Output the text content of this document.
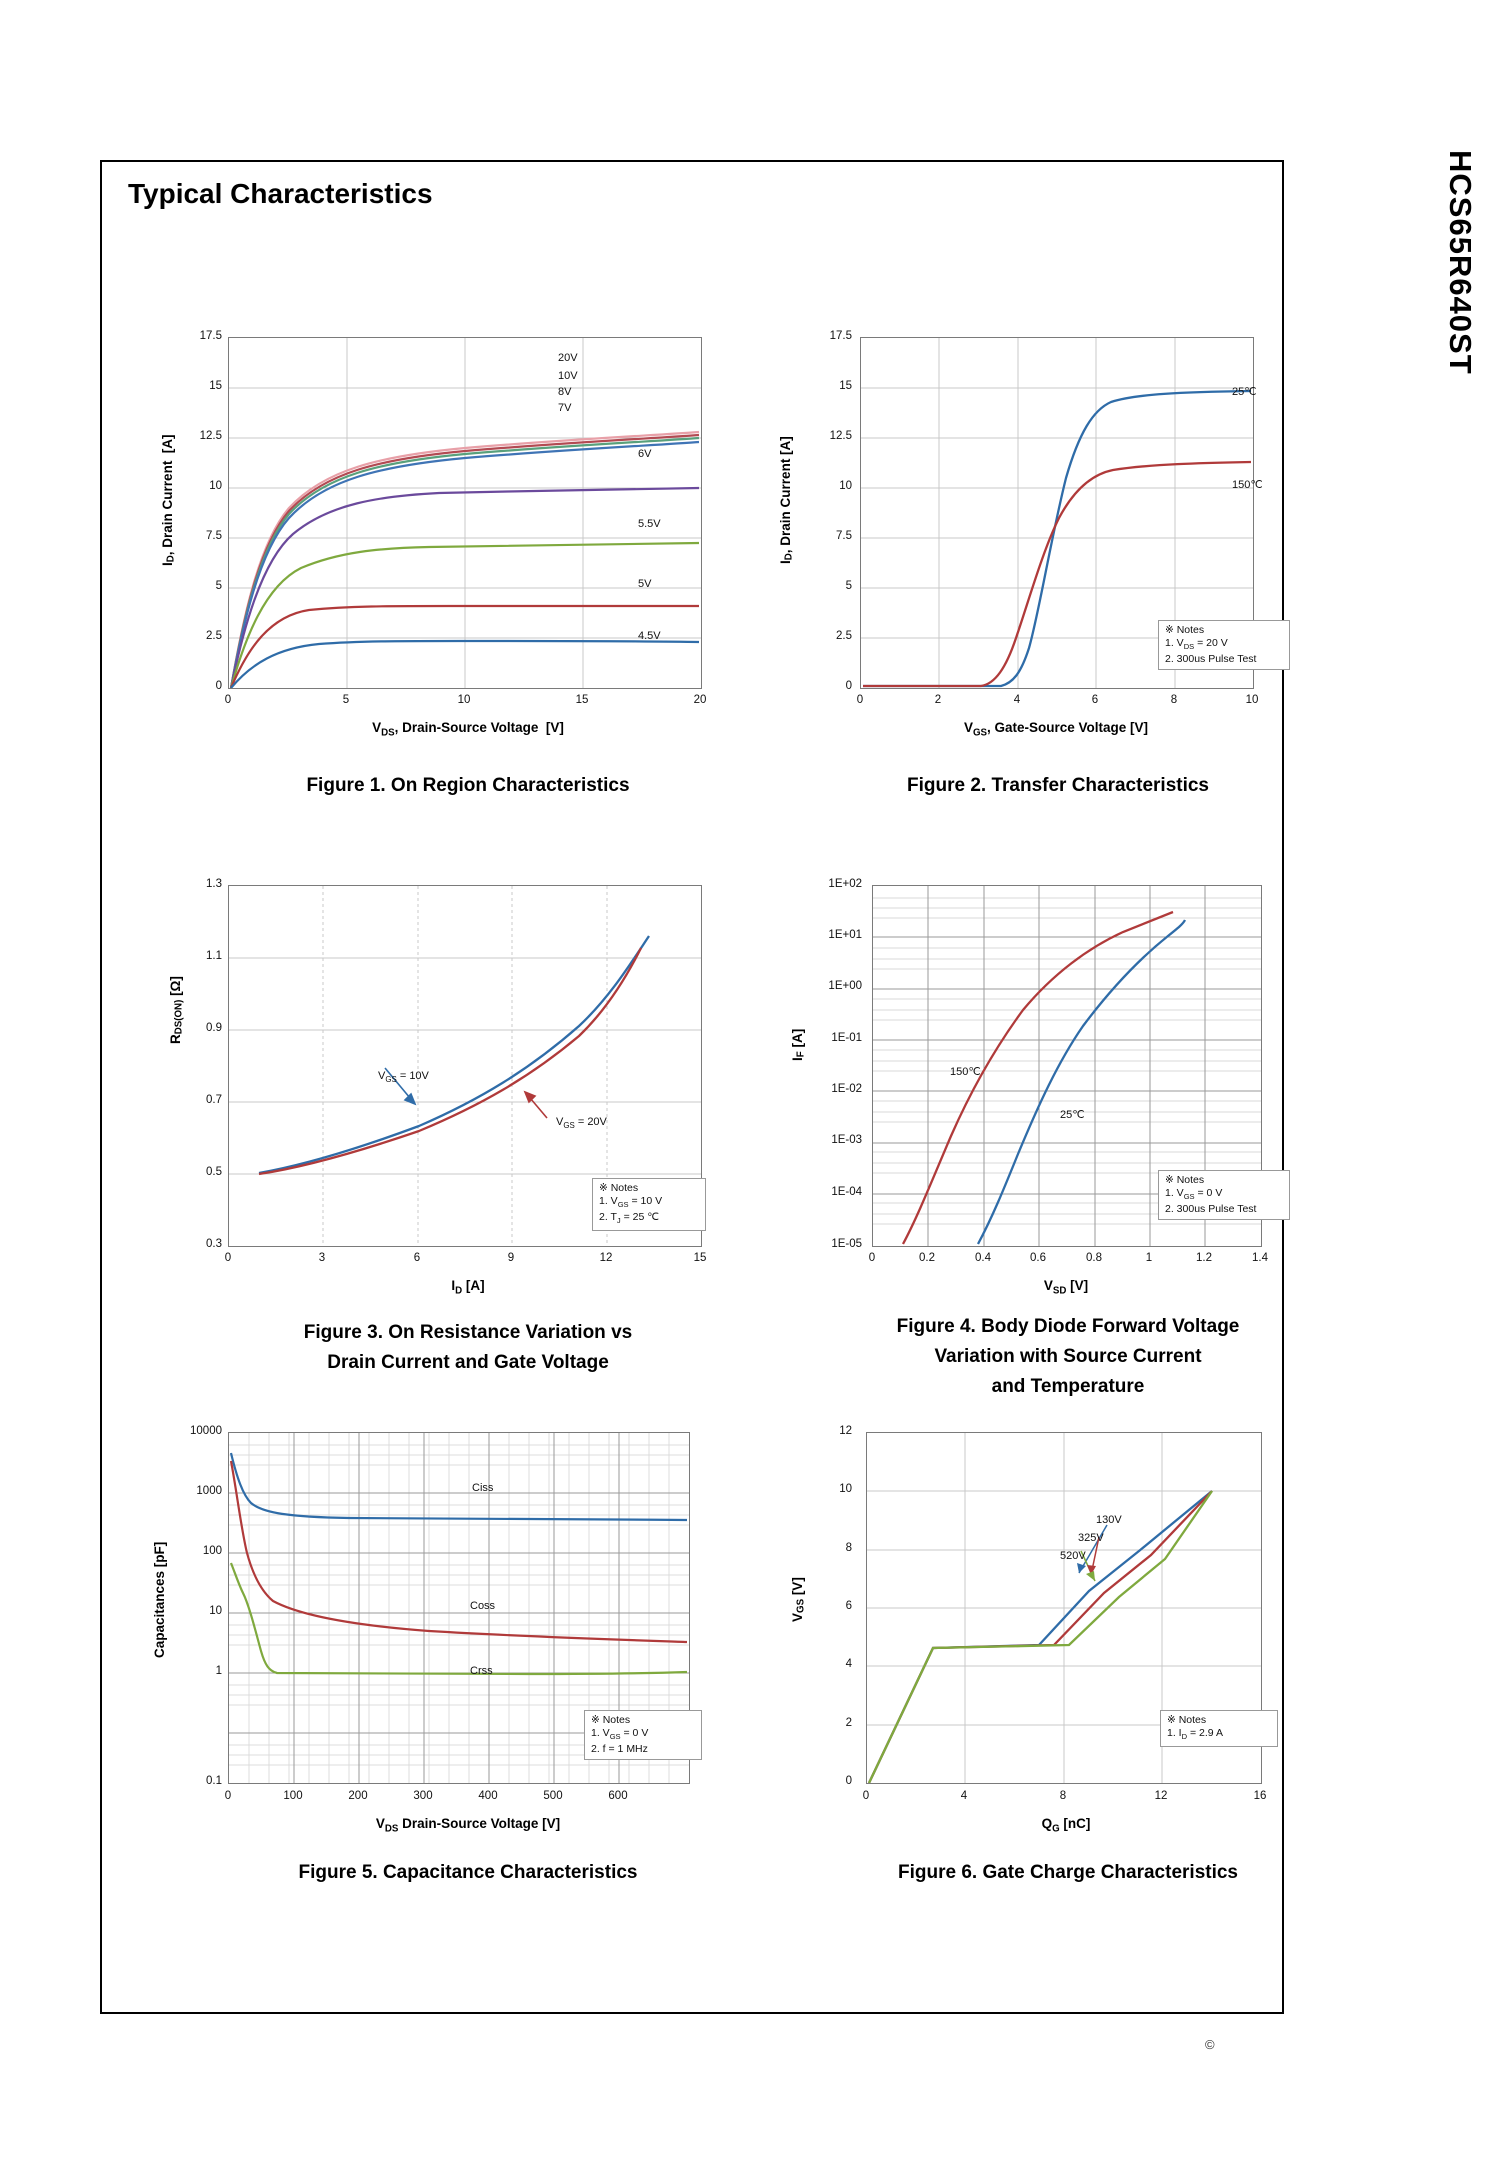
Typical Characteristics	HCS65R640ST
©
$I_D$, Drain Current  [A]
17.5
15
12.5
10
7.5
5
2.5
0
0	5	10	15	20
$V_{DS}$, Drain-Source Voltage  [V]
Figure 1. On Region Characteristics
20V
10V
8V
7V
6V
5.5V
5V
4.5V
$I_D$, Drain Current [A]
17.5
15
12.5
10
7.5
5
2.5
0
0	2	4	6	8	10
$V_{GS}$, Gate-Source Voltage [V]
Figure 2. Transfer Characteristics
25℃
150℃
※ Notes
1. $V_{DS} = 20$ V
2. 300us Pulse Test
$R_{DS(ON)}$ [Ω]
1.3
1.1
0.9
0.7
0.5
0.3
0	3	6	9	12	15
$I_D$ [A]
Figure 3. On Resistance Variation vs
Drain Current and Gate Voltage
$V_{GS} = 10V$
$V_{GS} = 20V$
※ Notes
1. $V_{GS} = 10$ V
2. $T_J = 25$ ℃
$I_F$ [A]
1E+02
1E+01
1E+00
1E-01
1E-02
1E-03
1E-04
1E-05
0	0.2	0.4	0.6	0.8	1	1.2	1.4
$V_{SD}$ [V]
Figure 4. Body Diode Forward Voltage
Variation with Source Current
and Temperature
150℃
25℃
※ Notes
1. $V_{GS} = 0$ V
2. 300us Pulse Test
Capacitances [pF]
10000
1000
100
10
1
0.1
0	100	200	300	400	500	600
$V_{DS}$ Drain-Source Voltage [V]
Figure 5. Capacitance Characteristics
Ciss
Coss
Crss
※ Notes
1. $V_{GS} = 0$ V
2. f = 1 MHz
$V_{GS}$ [V]
12
10
8
6
4
2
0
0	4	8	12	16
$Q_G$ [nC]
Figure 6. Gate Charge Characteristics
130V
325V
520V
※ Notes
1. $I_D = 2.9$ A
